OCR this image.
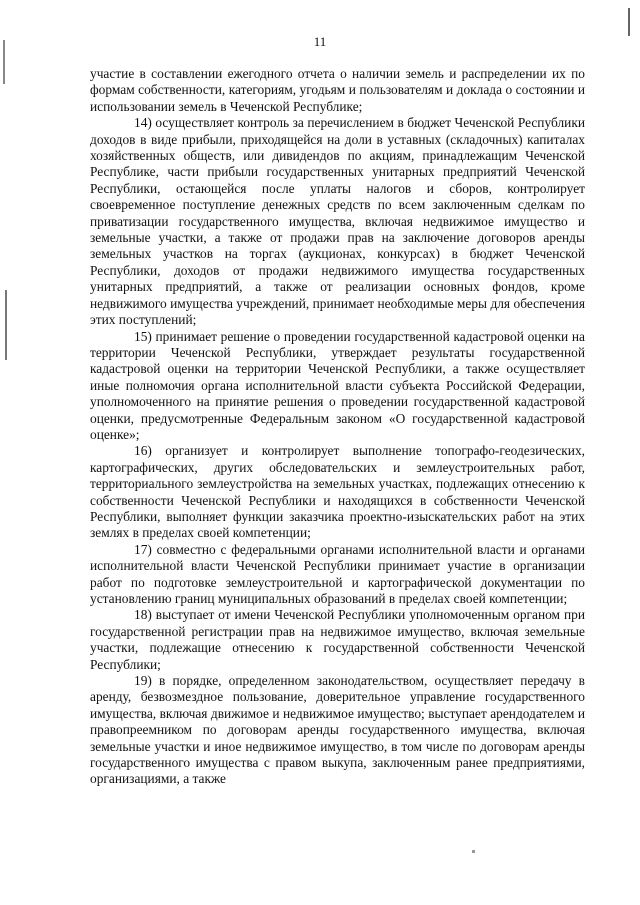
11

участие в составлении ежегодного отчета о наличии земель и распределении их по формам собственности, категориям, угодьям и пользователям и доклада о состоянии и использовании земель в Чеченской Республике;

14) осуществляет контроль за перечислением в бюджет Чеченской Республики доходов в виде прибыли, приходящейся на доли в уставных (складочных) капиталах хозяйственных обществ, или дивидендов по акциям, принадлежащим Чеченской Республике, части прибыли государственных унитарных предприятий Чеченской Республики, остающейся после уплаты налогов и сборов, контролирует своевременное поступление денежных средств по всем заключенным сделкам по приватизации государственного имущества, включая недвижимое имущество и земельные участки, а также от продажи прав на заключение договоров аренды земельных участков на торгах (аукционах, конкурсах) в бюджет Чеченской Республики, доходов от продажи недвижимого имущества государственных унитарных предприятий, а также от реализации основных фондов, кроме недвижимого имущества учреждений, принимает необходимые меры для обеспечения этих поступлений;

15) принимает решение о проведении государственной кадастровой оценки на территории Чеченской Республики, утверждает результаты государственной кадастровой оценки на территории Чеченской Республики, а также осуществляет иные полномочия органа исполнительной власти субъекта Российской Федерации, уполномоченного на принятие решения о проведении государственной кадастровой оценки, предусмотренные Федеральным законом «О государственной кадастровой оценке»;

16) организует и контролирует выполнение топографо-геодезических, картографических, других обследовательских и землеустроительных работ, территориального землеустройства на земельных участках, подлежащих отнесению к собственности Чеченской Республики и находящихся в собственности Чеченской Республики, выполняет функции заказчика проектно-изыскательских работ на этих землях в пределах своей компетенции;

17) совместно с федеральными органами исполнительной власти и органами исполнительной власти Чеченской Республики принимает участие в организации работ по подготовке землеустроительной и картографической документации по установлению границ муниципальных образований в пределах своей компетенции;

18) выступает от имени Чеченской Республики уполномоченным органом при государственной регистрации прав на недвижимое имущество, включая земельные участки, подлежащие отнесению к государственной собственности Чеченской Республики;

19) в порядке, определенном законодательством, осуществляет передачу в аренду, безвозмездное пользование, доверительное управление государственного имущества, включая движимое и недвижимое имущество; выступает арендодателем и правопреемником по договорам аренды государственного имущества, включая земельные участки и иное недвижимое имущество, в том числе по договорам аренды государственного имущества с правом выкупа, заключенным ранее предприятиями, организациями, а также
